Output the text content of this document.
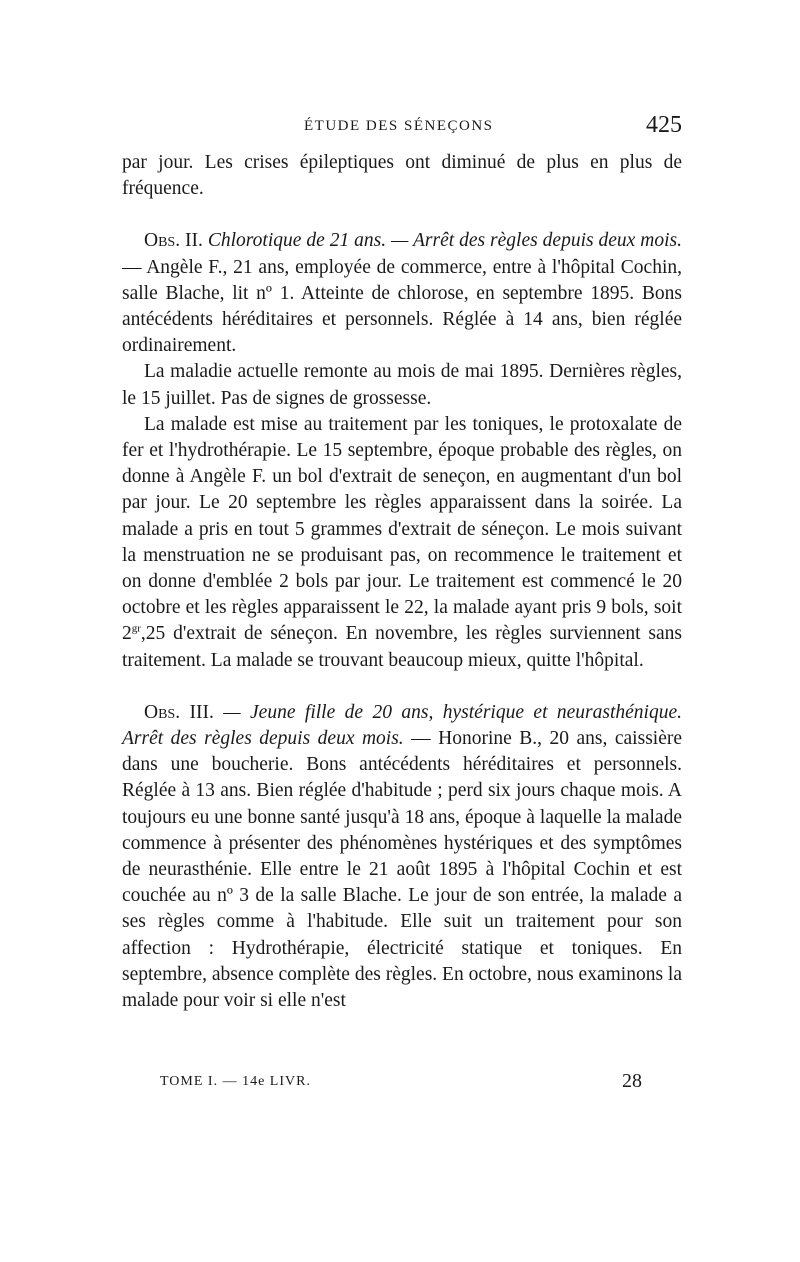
ÉTUDE DES SÉNEÇONS	425

par jour. Les crises épileptiques ont diminué de plus en plus de fréquence.

Obs. II. Chlorotique de 21 ans. — Arrêt des règles depuis deux mois. — Angèle F., 21 ans, employée de commerce, entre à l'hôpital Cochin, salle Blache, lit nº 1. Atteinte de chlorose, en septembre 1895. Bons antécédents héréditaires et personnels. Réglée à 14 ans, bien réglée ordinairement.

La maladie actuelle remonte au mois de mai 1895. Dernières règles, le 15 juillet. Pas de signes de grossesse.

La malade est mise au traitement par les toniques, le protoxalate de fer et l'hydrothérapie. Le 15 septembre, époque probable des règles, on donne à Angèle F. un bol d'extrait de seneçon, en augmentant d'un bol par jour. Le 20 septembre les règles apparaissent dans la soirée. La malade a pris en tout 5 grammes d'extrait de séneçon. Le mois suivant la menstruation ne se produisant pas, on recommence le traitement et on donne d'emblée 2 bols par jour. Le traitement est commencé le 20 octobre et les règles apparaissent le 22, la malade ayant pris 9 bols, soit $2^{gr},25$ d'extrait de séneçon. En novembre, les règles surviennent sans traitement. La malade se trouvant beaucoup mieux, quitte l'hôpital.

Obs. III. — Jeune fille de 20 ans, hystérique et neurasthénique. Arrêt des règles depuis deux mois. — Honorine B., 20 ans, caissière dans une boucherie. Bons antécédents héréditaires et personnels. Réglée à 13 ans. Bien réglée d'habitude ; perd six jours chaque mois. A toujours eu une bonne santé jusqu'à 18 ans, époque à laquelle la malade commence à présenter des phénomènes hystériques et des symptômes de neurasthénie. Elle entre le 21 août 1895 à l'hôpital Cochin et est couchée au nº 3 de la salle Blache. Le jour de son entrée, la malade a ses règles comme à l'habitude. Elle suit un traitement pour son affection : Hydrothérapie, électricité statique et toniques. En septembre, absence complète des règles. En octobre, nous examinons la malade pour voir si elle n'est

TOME I. — 14e LIVR.	28
